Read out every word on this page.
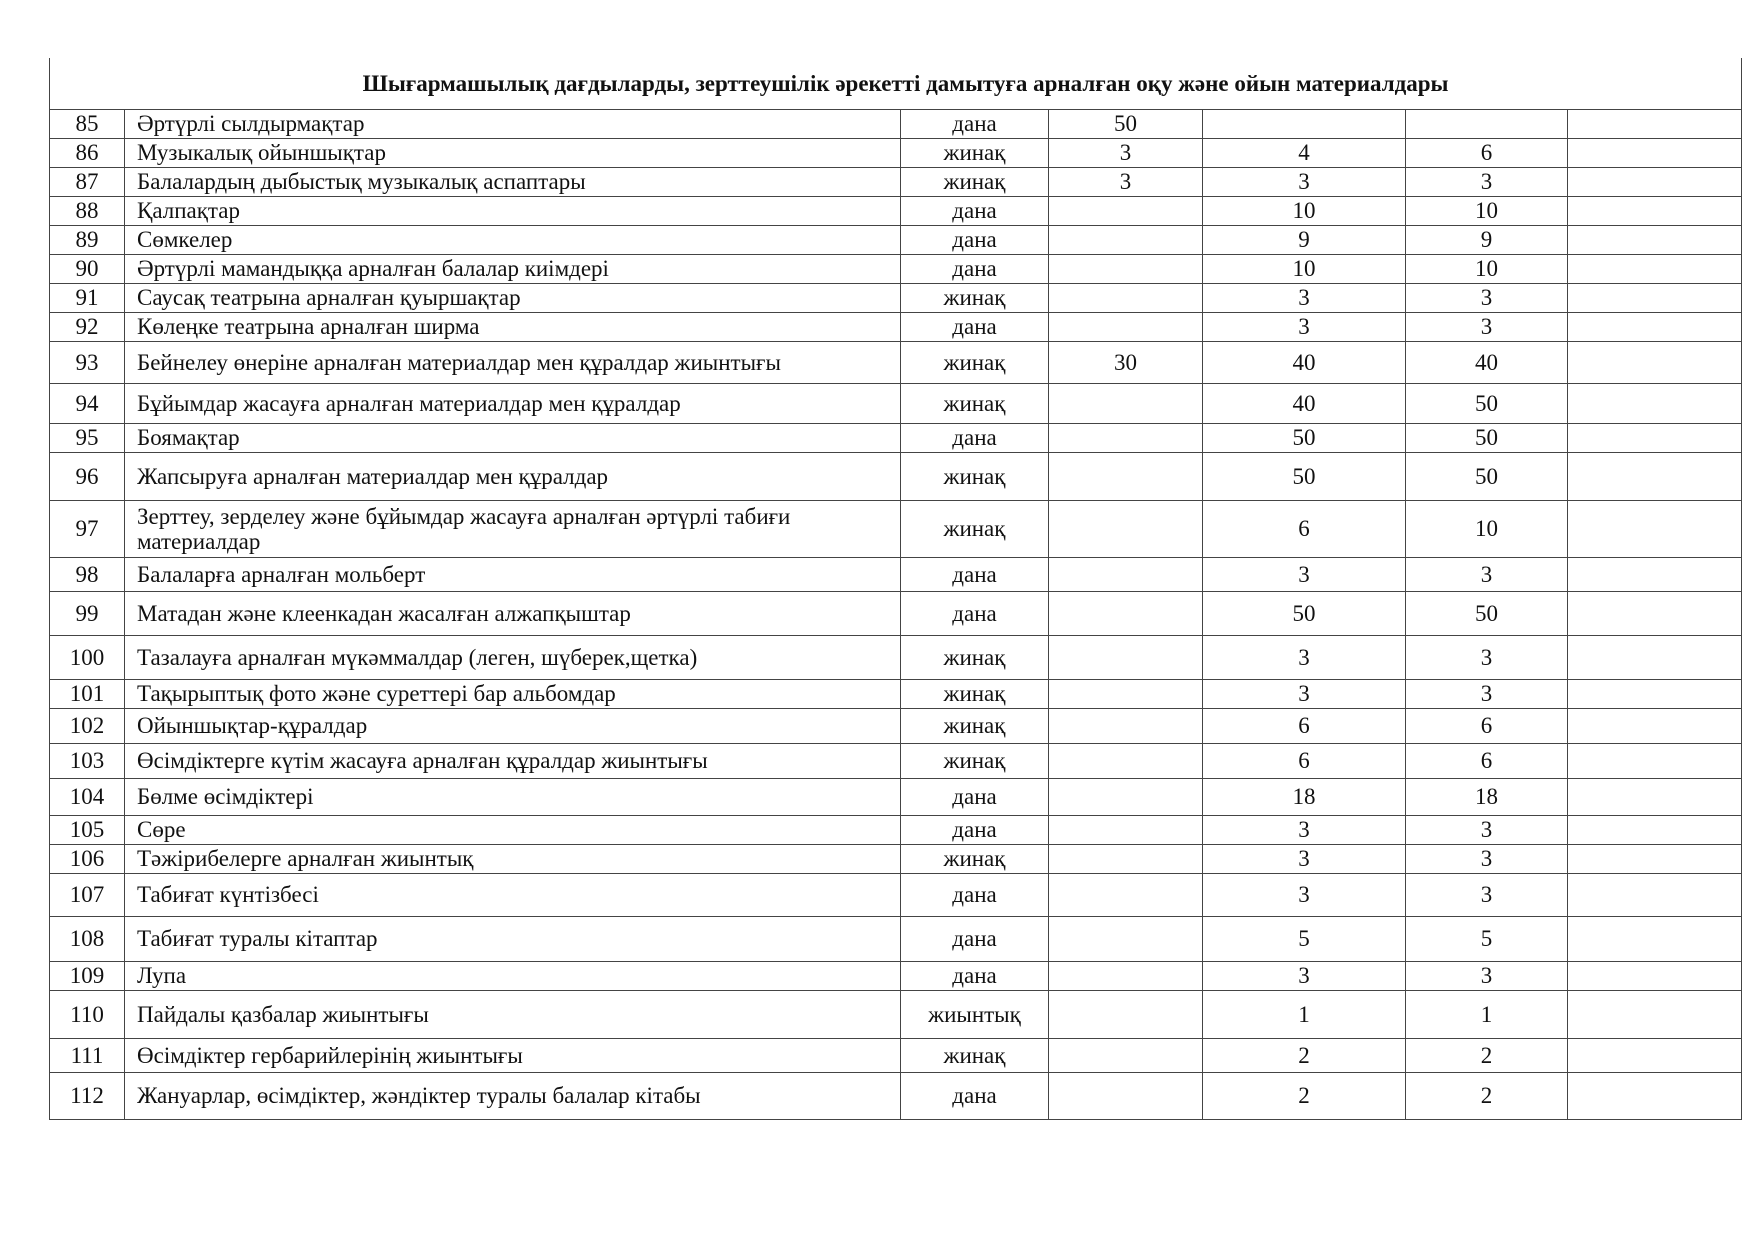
Шығармашылық дағдыларды, зерттеушілік әрекетті дамытуға арналған оқу және ойын материалдары						
85	Әртүрлі сылдырмақтар	дана	50			
86	Музыкалық ойыншықтар	жинақ	3	4	6	
87	Балалардың дыбыстық музыкалық аспаптары	жинақ	3	3	3	
88	Қалпақтар	дана		10	10	
89	Сөмкелер	дана		9	9	
90	Әртүрлі мамандыққа арналған балалар киімдері	дана		10	10	
91	Саусақ театрына арналған қуыршақтар	жинақ		3	3	
92	Көлеңке театрына арналған ширма	дана		3	3	
93	Бейнелеу өнеріне арналған материалдар мен құралдар жиынтығы	жинақ	30	40	40	
94	Бұйымдар жасауға арналған материалдар мен құралдар	жинақ		40	50	
95	Боямақтар	дана		50	50	
96	Жапсыруға арналған материалдар мен құралдар	жинақ		50	50	
97	Зерттеу, зерделеу және бұйымдар жасауға арналған әртүрлі табиғи материалдар	жинақ		6	10	
98	Балаларға арналған мольберт	дана		3	3	
99	Матадан және клеенкадан жасалған алжапқыштар	дана		50	50	
100	Тазалауға арналған мүкәммалдар (леген, шүберек,щетка)	жинақ		3	3	
101	Тақырыптық фото және суреттері бар альбомдар	жинақ		3	3	
102	Ойыншықтар-құралдар	жинақ		6	6	
103	Өсімдіктерге күтім жасауға арналған құралдар жиынтығы	жинақ		6	6	
104	Бөлме өсімдіктері	дана		18	18	
105	Сөре	дана		3	3	
106	Тәжірибелерге арналған жиынтық	жинақ		3	3	
107	Табиғат күнтізбесі	дана		3	3	
108	Табиғат туралы кітаптар	дана		5	5	
109	Лупа	дана		3	3	
110	Пайдалы қазбалар жиынтығы	жиынтық		1	1	
111	Өсімдіктер гербарийлерінің жиынтығы	жинақ		2	2	
112	Жануарлар, өсімдіктер, жәндіктер туралы балалар кітабы	дана		2	2	
